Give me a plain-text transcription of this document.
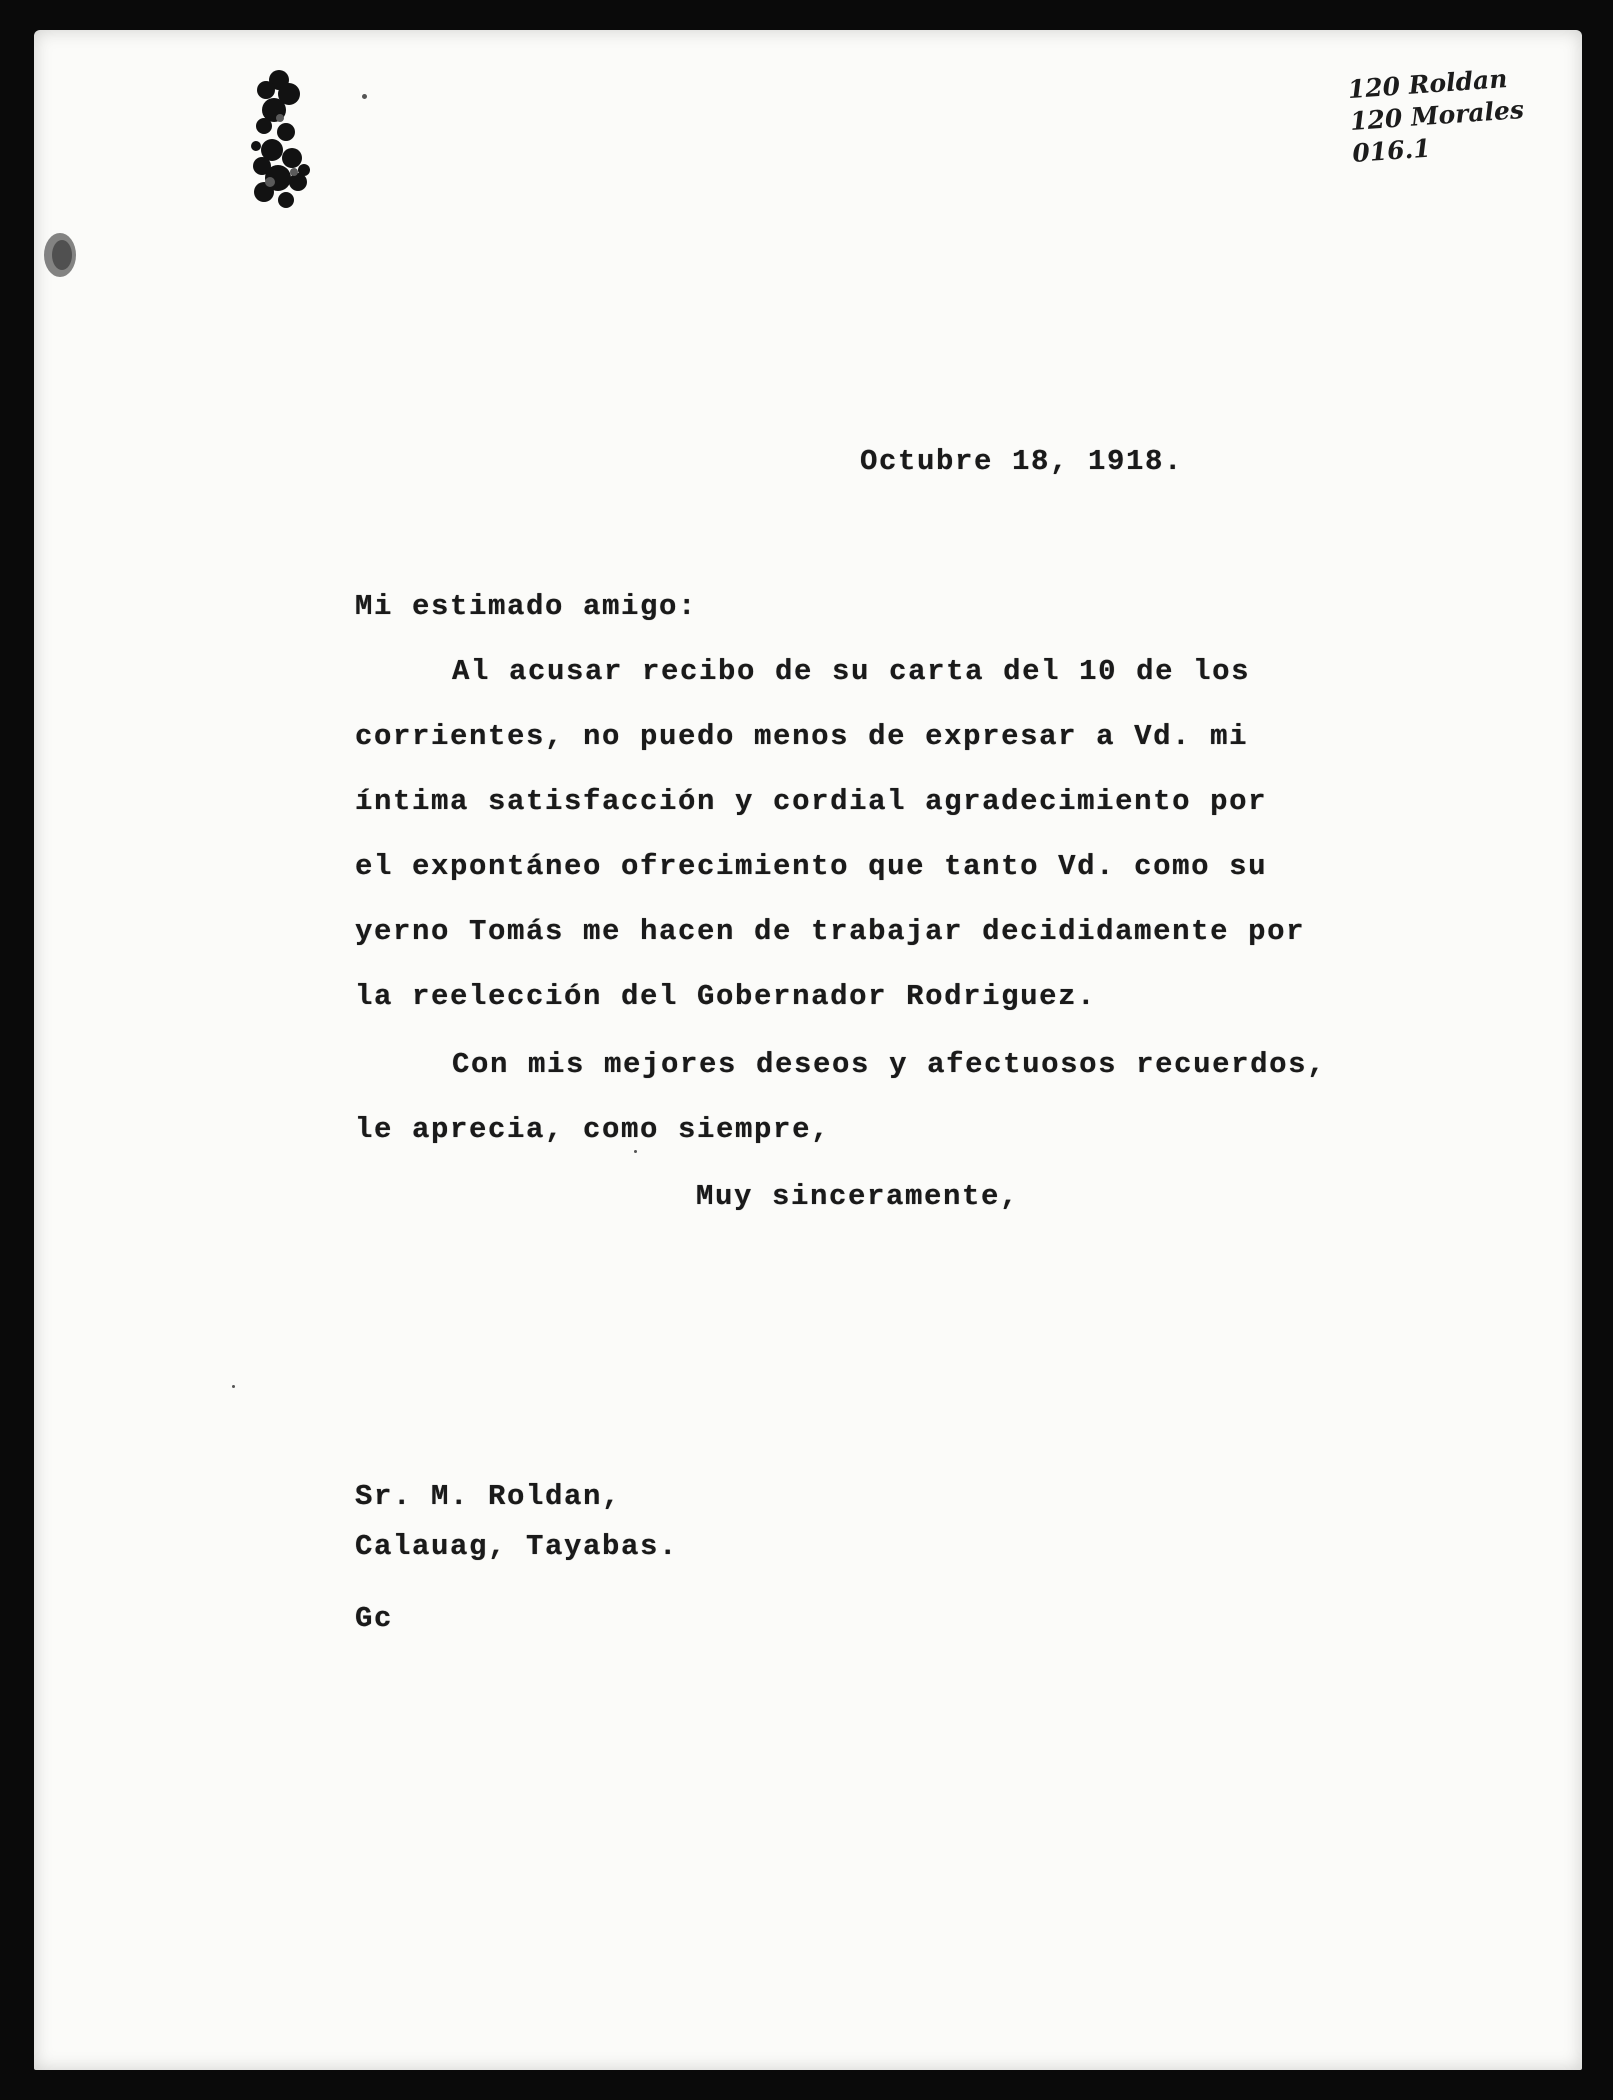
120 Roldan
120 Morales
016.1
Octubre 18, 1918.
Mi estimado amigo:
Al acusar recibo de su carta del 10 de los
corrientes, no puedo menos de expresar a Vd. mi
íntima satisfacción y cordial agradecimiento por
el expontáneo ofrecimiento que tanto Vd. como su
yerno Tomás me hacen de trabajar decididamente por
la reelección del Gobernador Rodriguez.
Con mis mejores deseos y afectuosos recuerdos,
le aprecia, como siempre,
Muy sinceramente,
Sr. M. Roldan,
Calauag, Tayabas.
Gc
